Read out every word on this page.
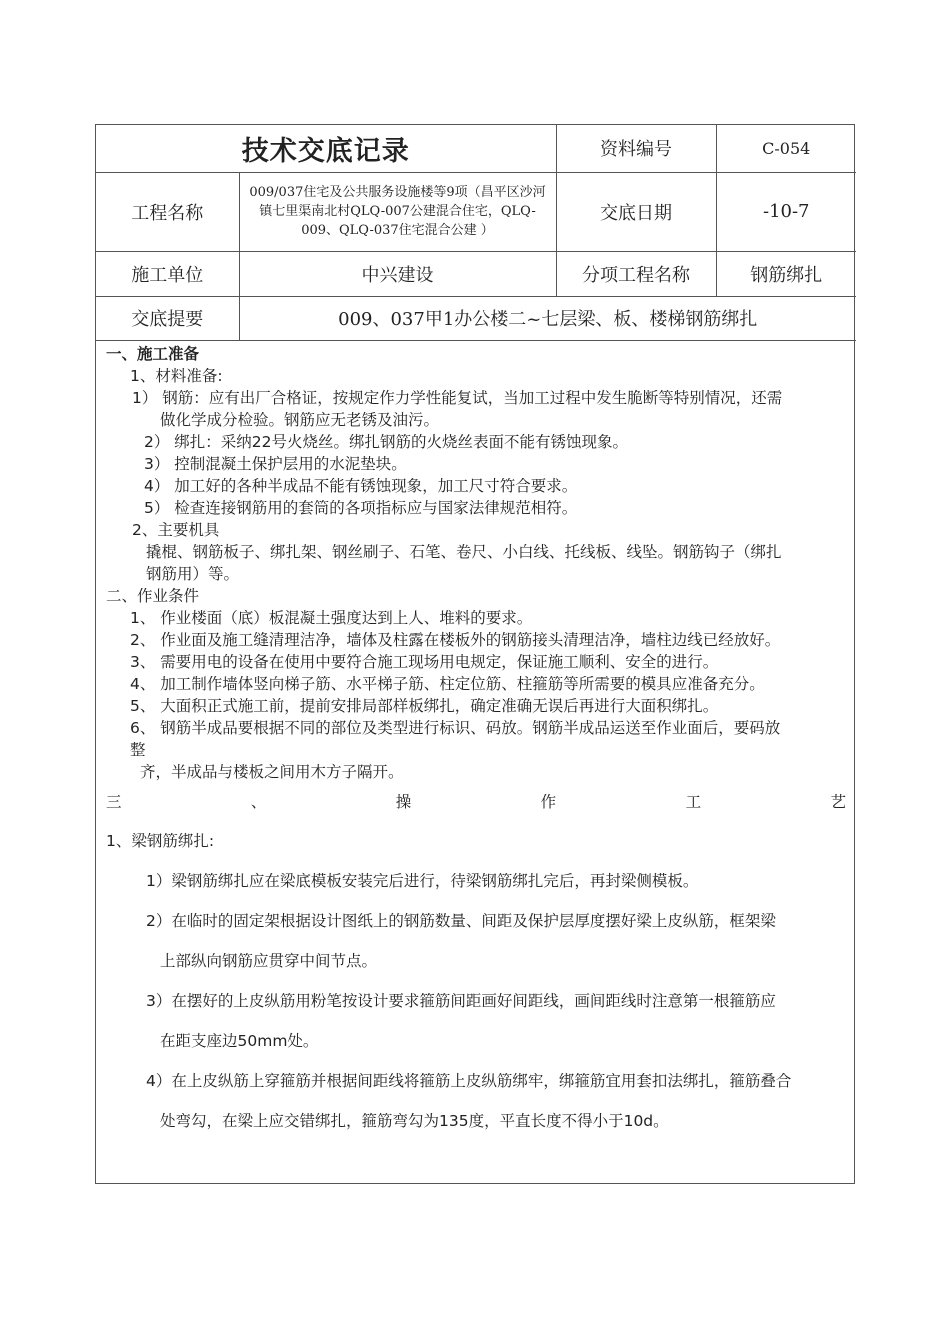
技术交底记录		资料编号	C-054
工程名称	009/037住宅及公共服务设施楼等9项（昌平区沙河镇七里渠南北村QLQ-007公建混合住宅，QLQ-009、QLQ-037住宅混合公建 ）	交底日期	-10-7
施工单位	中兴建设	分项工程名称	钢筋绑扎
交底提要	009、037甲1办公楼二~七层梁、板、楼梯钢筋绑扎		

一、施工准备

1、材料准备:

1） 钢筋：应有出厂合格证，按规定作力学性能复试，当加工过程中发生脆断等特别情况，还需

做化学成分检验。钢筋应无老锈及油污。

2） 绑扎：采纳22号火烧丝。绑扎钢筋的火烧丝表面不能有锈蚀现象。

3） 控制混凝土保护层用的水泥垫块。

4） 加工好的各种半成品不能有锈蚀现象，加工尺寸符合要求。

5） 检查连接钢筋用的套筒的各项指标应与国家法律规范相符。

2、主要机具

撬棍、钢筋板子、绑扎架、钢丝刷子、石笔、卷尺、小白线、托线板、线坠。钢筋钩子（绑扎

钢筋用）等。

二、作业条件

1、 作业楼面（底）板混凝土强度达到上人、堆料的要求。

2、 作业面及施工缝清理洁净，墙体及柱露在楼板外的钢筋接头清理洁净，墙柱边线已经放好。

3、 需要用电的设备在使用中要符合施工现场用电规定，保证施工顺利、安全的进行。

4、 加工制作墙体竖向梯子筋、水平梯子筋、柱定位筋、柱箍筋等所需要的模具应准备充分。

5、 大面积正式施工前，提前安排局部样板绑扎，确定准确无误后再进行大面积绑扎。

6、 钢筋半成品要根据不同的部位及类型进行标识、码放。钢筋半成品运送至作业面后，要码放

整

齐，半成品与楼板之间用木方子隔开。

三	、	操	作	工	艺

1、梁钢筋绑扎:

1）梁钢筋绑扎应在梁底模板安装完后进行，待梁钢筋绑扎完后，再封梁侧模板。

2）在临时的固定架根据设计图纸上的钢筋数量、间距及保护层厚度摆好梁上皮纵筋，框架梁

上部纵向钢筋应贯穿中间节点。

3）在摆好的上皮纵筋用粉笔按设计要求箍筋间距画好间距线，画间距线时注意第一根箍筋应

在距支座边50mm处。

4）在上皮纵筋上穿箍筋并根据间距线将箍筋上皮纵筋绑牢，绑箍筋宜用套扣法绑扎，箍筋叠合

处弯勾，在梁上应交错绑扎，箍筋弯勾为135度，平直长度不得小于10d。
